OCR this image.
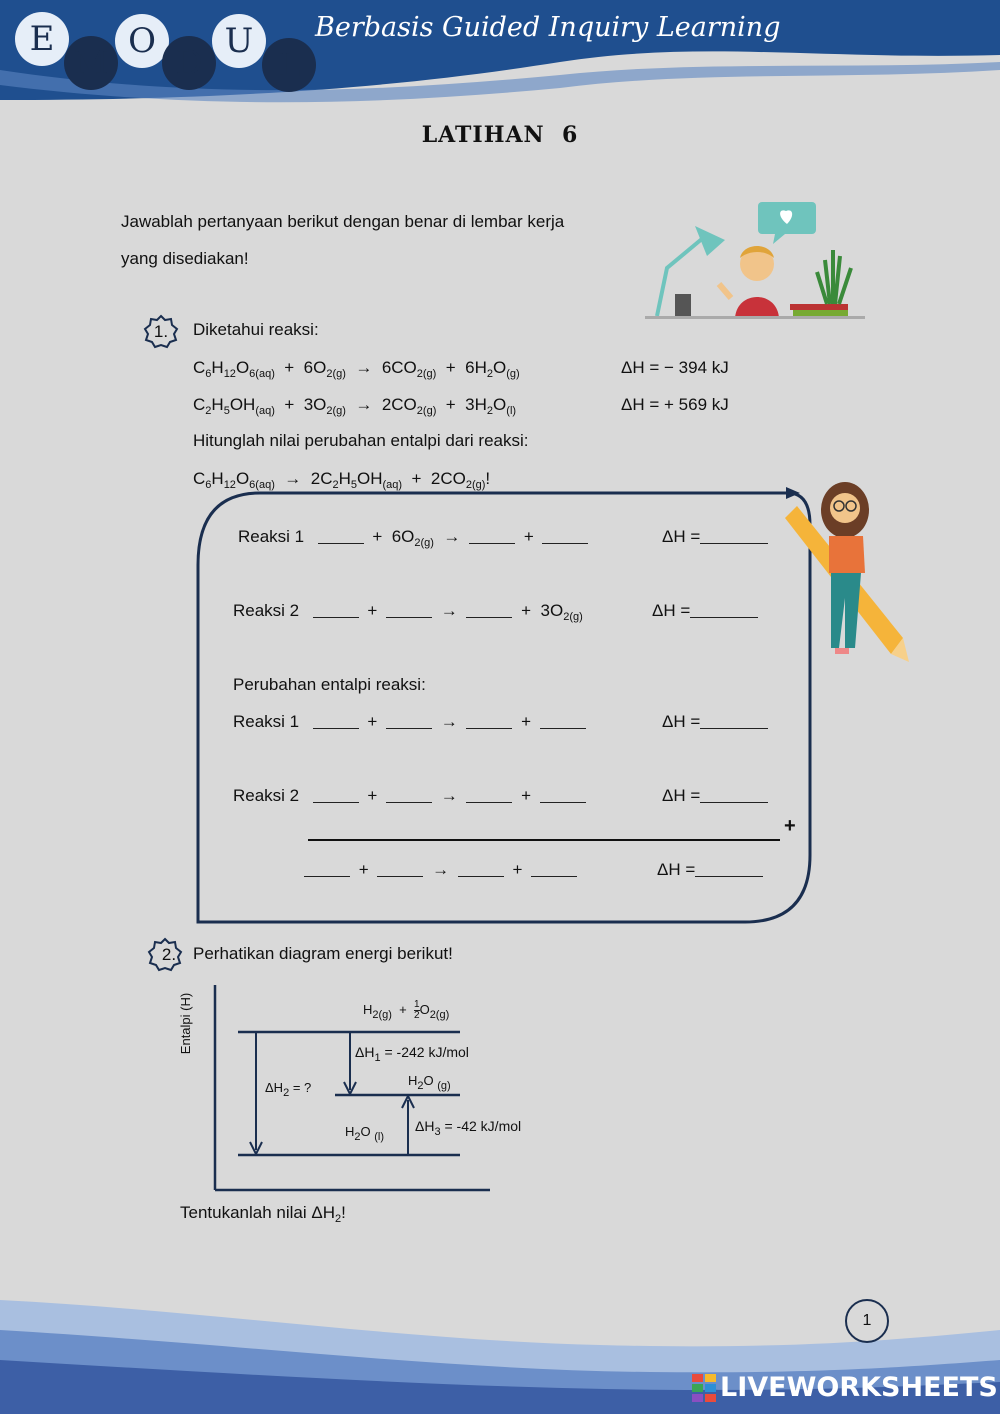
E
M
O
D
U
L
Berbasis Guided Inquiry Learning
LATIHAN  6
Jawablah pertanyaan berikut dengan benar di lembar kerja
yang disediakan!
1. Diketahui reaksi:
$C_6H_{12}O_{6(aq)} + 6O_{2(g)} \to 6CO_{2(g)} + 6H_2O_{(g)}$	ΔH = − 394 kJ
$C_2H_5OH_{(aq)} + 3O_{2(g)} \to 2CO_{2(g)} + 3H_2O_{(l)}$	ΔH = + 569 kJ
Hitunglah nilai perubahan entalpi dari reaksi:
$C_6H_{12}O_{6(aq)} \to 2C_2H_5OH_{(aq)} + 2CO_{2(g)}$!
Reaksi 1	+  $6O_{2(g)}$  →	+	ΔH =
Reaksi 2	+	→	+  $3O_{2(g)}$	ΔH =
Perubahan entalpi reaksi:
Reaksi 1	+	→	+	ΔH =
Reaksi 2	+	→	+	ΔH =
+
+	→	+	ΔH =
2. Perhatikan diagram energi berikut!
Entalpi (H)	$H_{2(g)} + \frac{1}{2} O_{2(g)}$
$\Delta H_1 = -242$ kJ/mol
$H_2O$ $_{(g)}$
$\Delta H_2$ = ?
$\Delta H_3 = -42$ kJ/mol
$H_2O$ $_{(l)}$
Tentukanlah nilai $\Delta H_2$!
1
LIVEWORKSHEETS
